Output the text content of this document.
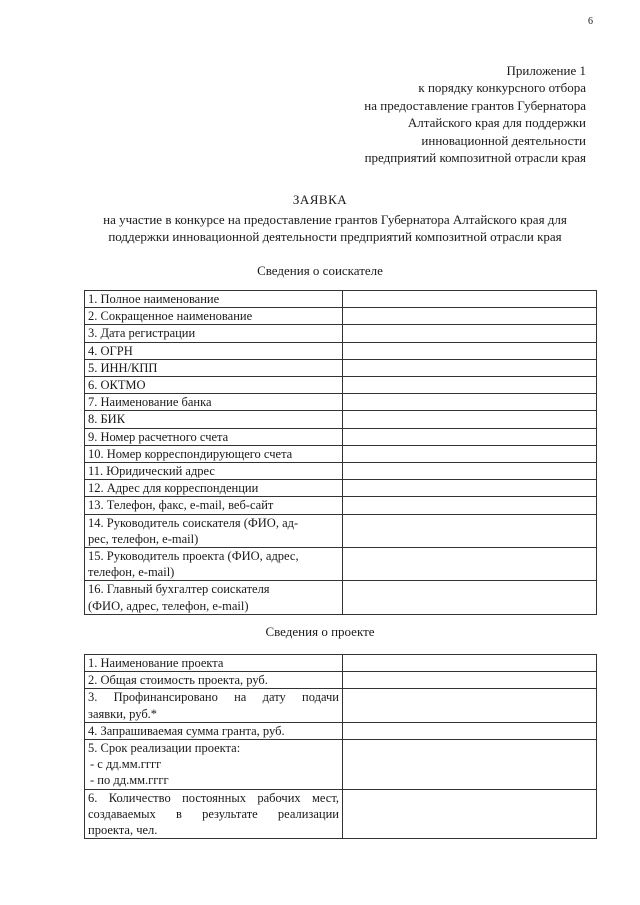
6
Приложение 1
к порядку конкурсного отбора
на предоставление грантов Губернатора
Алтайского края для поддержки
инновационной деятельности
предприятий композитной отрасли края
ЗАЯВКА
на участие в конкурсе на предоставление грантов Губернатора Алтайского края для
поддержки инновационной деятельности предприятий композитной отрасли края
Сведения о соискателе
1. Полное наименование	

2. Сокращенное наименование	

3. Дата регистрации	

4. ОГРН	

5. ИНН/КПП	

6. ОКТМО	

7. Наименование банка	

8. БИК	

9. Номер расчетного счета	

10. Номер корреспондирующего счета	

11. Юридический адрес	

12. Адрес для корреспонденции	

13. Телефон, факс, e-mail, веб-сайт	

14. Руководитель соискателя (ФИО, ад-
рес, телефон, e-mail)	

15. Руководитель проекта (ФИО, адрес,
телефон, e-mail)	

16. Главный бухгалтер соискателя
(ФИО, адрес, телефон, e-mail)	

Сведения о проекте
1. Наименование проекта	

2. Общая стоимость проекта, руб.	

3. Профинансировано на дату подачи
заявки, руб.*	

4. Запрашиваемая сумма гранта, руб.	

5. Срок реализации проекта:
- с дд.мм.гггг
- по дд.мм.гггг	

6. Количество постоянных рабочих мест,
создаваемых в результате реализации
проекта, чел.	
